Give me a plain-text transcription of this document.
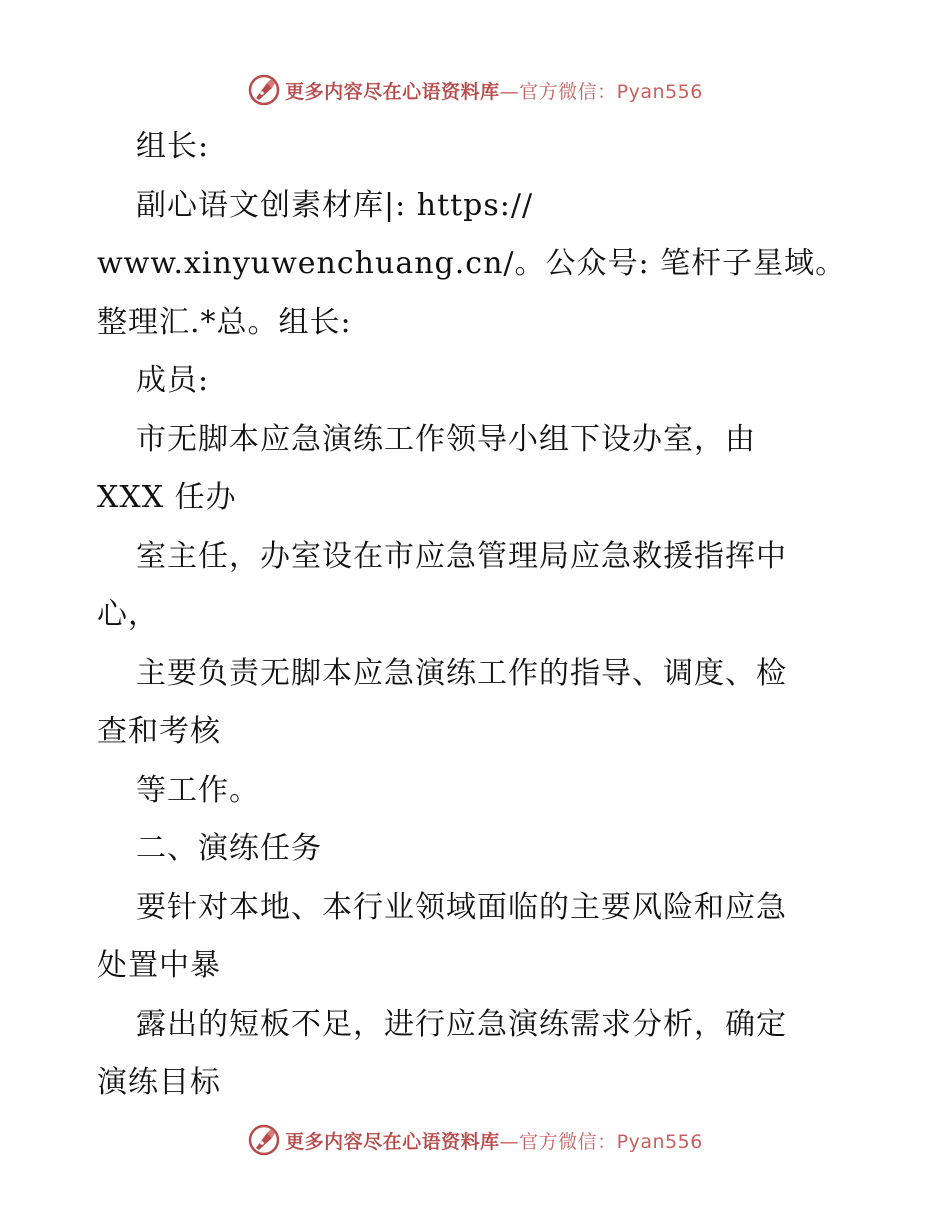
更多内容尽在心语资料库—官方微信：Pyan556
组长:
副心语文创素材库|: https://
www.xinyuwenchuang.cn/。公众号: 笔杆子星域。
整理汇.*总。组长:
成员:
市无脚本应急演练工作领导小组下设办室，由
XXX 任办
室主任，办室设在市应急管理局应急救援指挥中
心，
主要负责无脚本应急演练工作的指导、调度、检
查和考核
等工作。
二、演练任务
要针对本地、本行业领域面临的主要风险和应急
处置中暴
露出的短板不足，进行应急演练需求分析，确定
演练目标
更多内容尽在心语资料库—官方微信：Pyan556
